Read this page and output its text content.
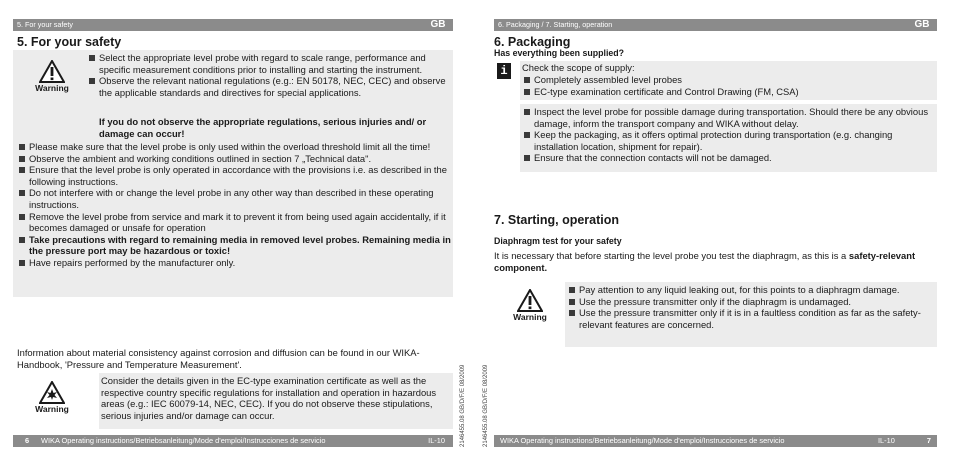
5. For your safety	GB
5. For your safety
Warning
Select the appropriate level probe with regard to scale range, performance and specific measurement conditions prior to installing and starting the instrument.
Observe the relevant national regulations (e.g.: EN 50178, NEC, CEC) and observe the applicable standards and directives for special applications.
If you do not observe the appropriate regulations, serious injuries and/ or damage can occur!
Please make sure that the level probe is only used within the overload threshold limit all the time!
Observe the ambient and working conditions outlined in section 7 „Technical data".
Ensure that the level probe is only operated in accordance with the provisions i.e. as described in the following instructions.
Do not interfere with or change the level probe in any other way than described in these operating instructions.
Remove the level probe from service and mark it to prevent it from being used again accidentally, if it becomes damaged or unsafe for operation
Take precautions with regard to remaining media in removed level probes. Remaining media in the pressure port may be hazardous or toxic!
Have repairs performed by the manufacturer only.
Information about material consistency against corrosion and diffusion can be found in our WIKA-Handbook, 'Pressure and Temperature Measurement'.
Warning
Consider the details given in the EC-type examination certificate as well as the respective country specific regulations for installation and operation in hazardous areas (e.g.: IEC 60079-14, NEC, CEC). If you do not observe these stipulations, serious injuries and/or damage can occur.
6 WIKA Operating instructions/Betriebsanleitung/Mode d'emploi/Instrucciones de servicio	IL-10	2146455.08 GB/D/F/E 08/2009	2146455.08 GB/D/F/E 08/2009
6. Packaging / 7. Starting, operation	GB
6. Packaging
Has everything been supplied?
i	Check the scope of supply:
Completely assembled level probes
EC-type examination certificate and Control Drawing (FM, CSA)
Inspect the level probe for possible damage during transportation. Should there be any obvious damage, inform the transport company and WIKA without delay.
Keep the packaging, as it offers optimal protection during transportation (e.g. changing installation location, shipment for repair).
Ensure that the connection contacts will not be damaged.
7. Starting, operation
Diaphragm test for your safety
It is necessary that before starting the level probe you test the diaphragm, as this is a safety-relevant component.
Warning
Pay attention to any liquid leaking out, for this points to a diaphragm damage.
Use the pressure transmitter only if the diaphragm is undamaged.
Use the pressure transmitter only if it is in a faultless condition as far as the safety-relevant features are concerned.
WIKA Operating instructions/Betriebsanleitung/Mode d'emploi/Instrucciones de servicio	IL-10	7
